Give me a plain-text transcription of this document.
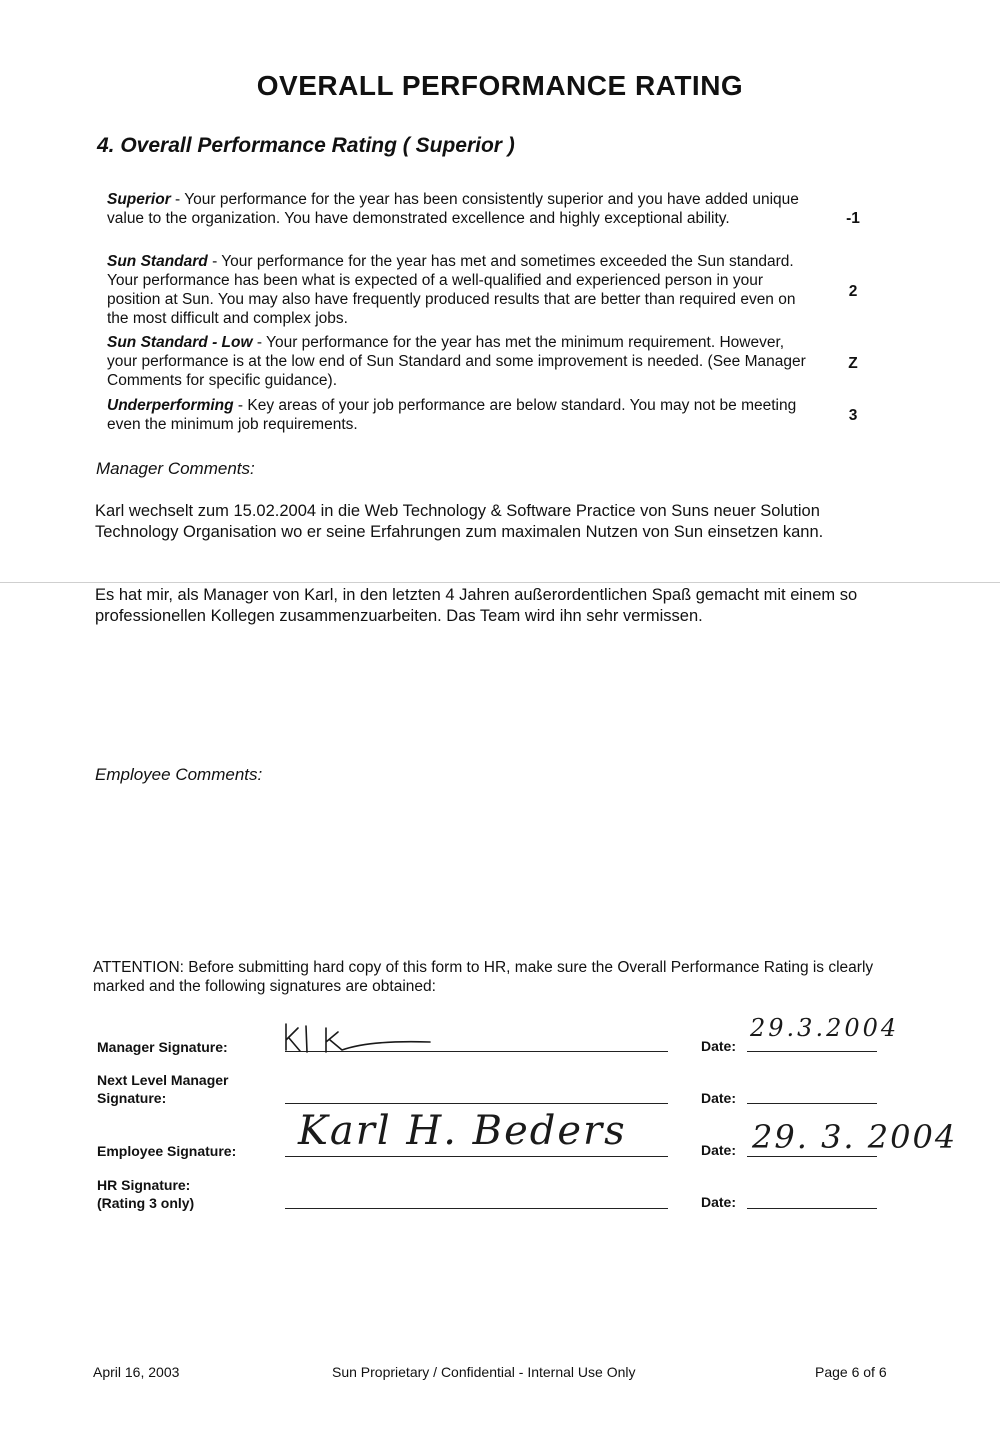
OVERALL PERFORMANCE RATING
4. Overall Performance Rating ( Superior )
Superior - Your performance for the year has been consistently superior and you have added unique value to the organization. You have demonstrated excellence and highly exceptional ability.	-1
Sun Standard - Your performance for the year has met and sometimes exceeded the Sun standard. Your performance has been what is expected of a well-qualified and experienced person in your position at Sun. You may also have frequently produced results that are better than required even on the most difficult and complex jobs.
2
Sun Standard - Low - Your performance for the year has met the minimum requirement. However, your performance is at the low end of Sun Standard and some improvement is needed. (See Manager Comments for specific guidance).
Z
Underperforming - Key areas of your job performance are below standard. You may not be meeting even the minimum job requirements.
3
Manager Comments:
Karl wechselt zum 15.02.2004 in die Web Technology & Software Practice von Suns neuer Solution Technology Organisation wo er seine Erfahrungen zum maximalen Nutzen von Sun einsetzen kann.
Es hat mir, als Manager von Karl, in den letzten 4 Jahren außerordentlichen Spaß gemacht mit einem so professionellen Kollegen zusammenzuarbeiten. Das Team wird ihn sehr vermissen.
Employee Comments:
ATTENTION: Before submitting hard copy of this form to HR, make sure the Overall Performance Rating is clearly marked and the following signatures are obtained:
Manager Signature:	Date:
29.3.2004
Next Level Manager
Signature:	Date:
Employee Signature: Karl H. Beders	Date: 29. 3. 2004
HR Signature:
(Rating 3 only)	Date:
April 16, 2003	Sun Proprietary / Confidential - Internal Use Only	Page 6 of 6
